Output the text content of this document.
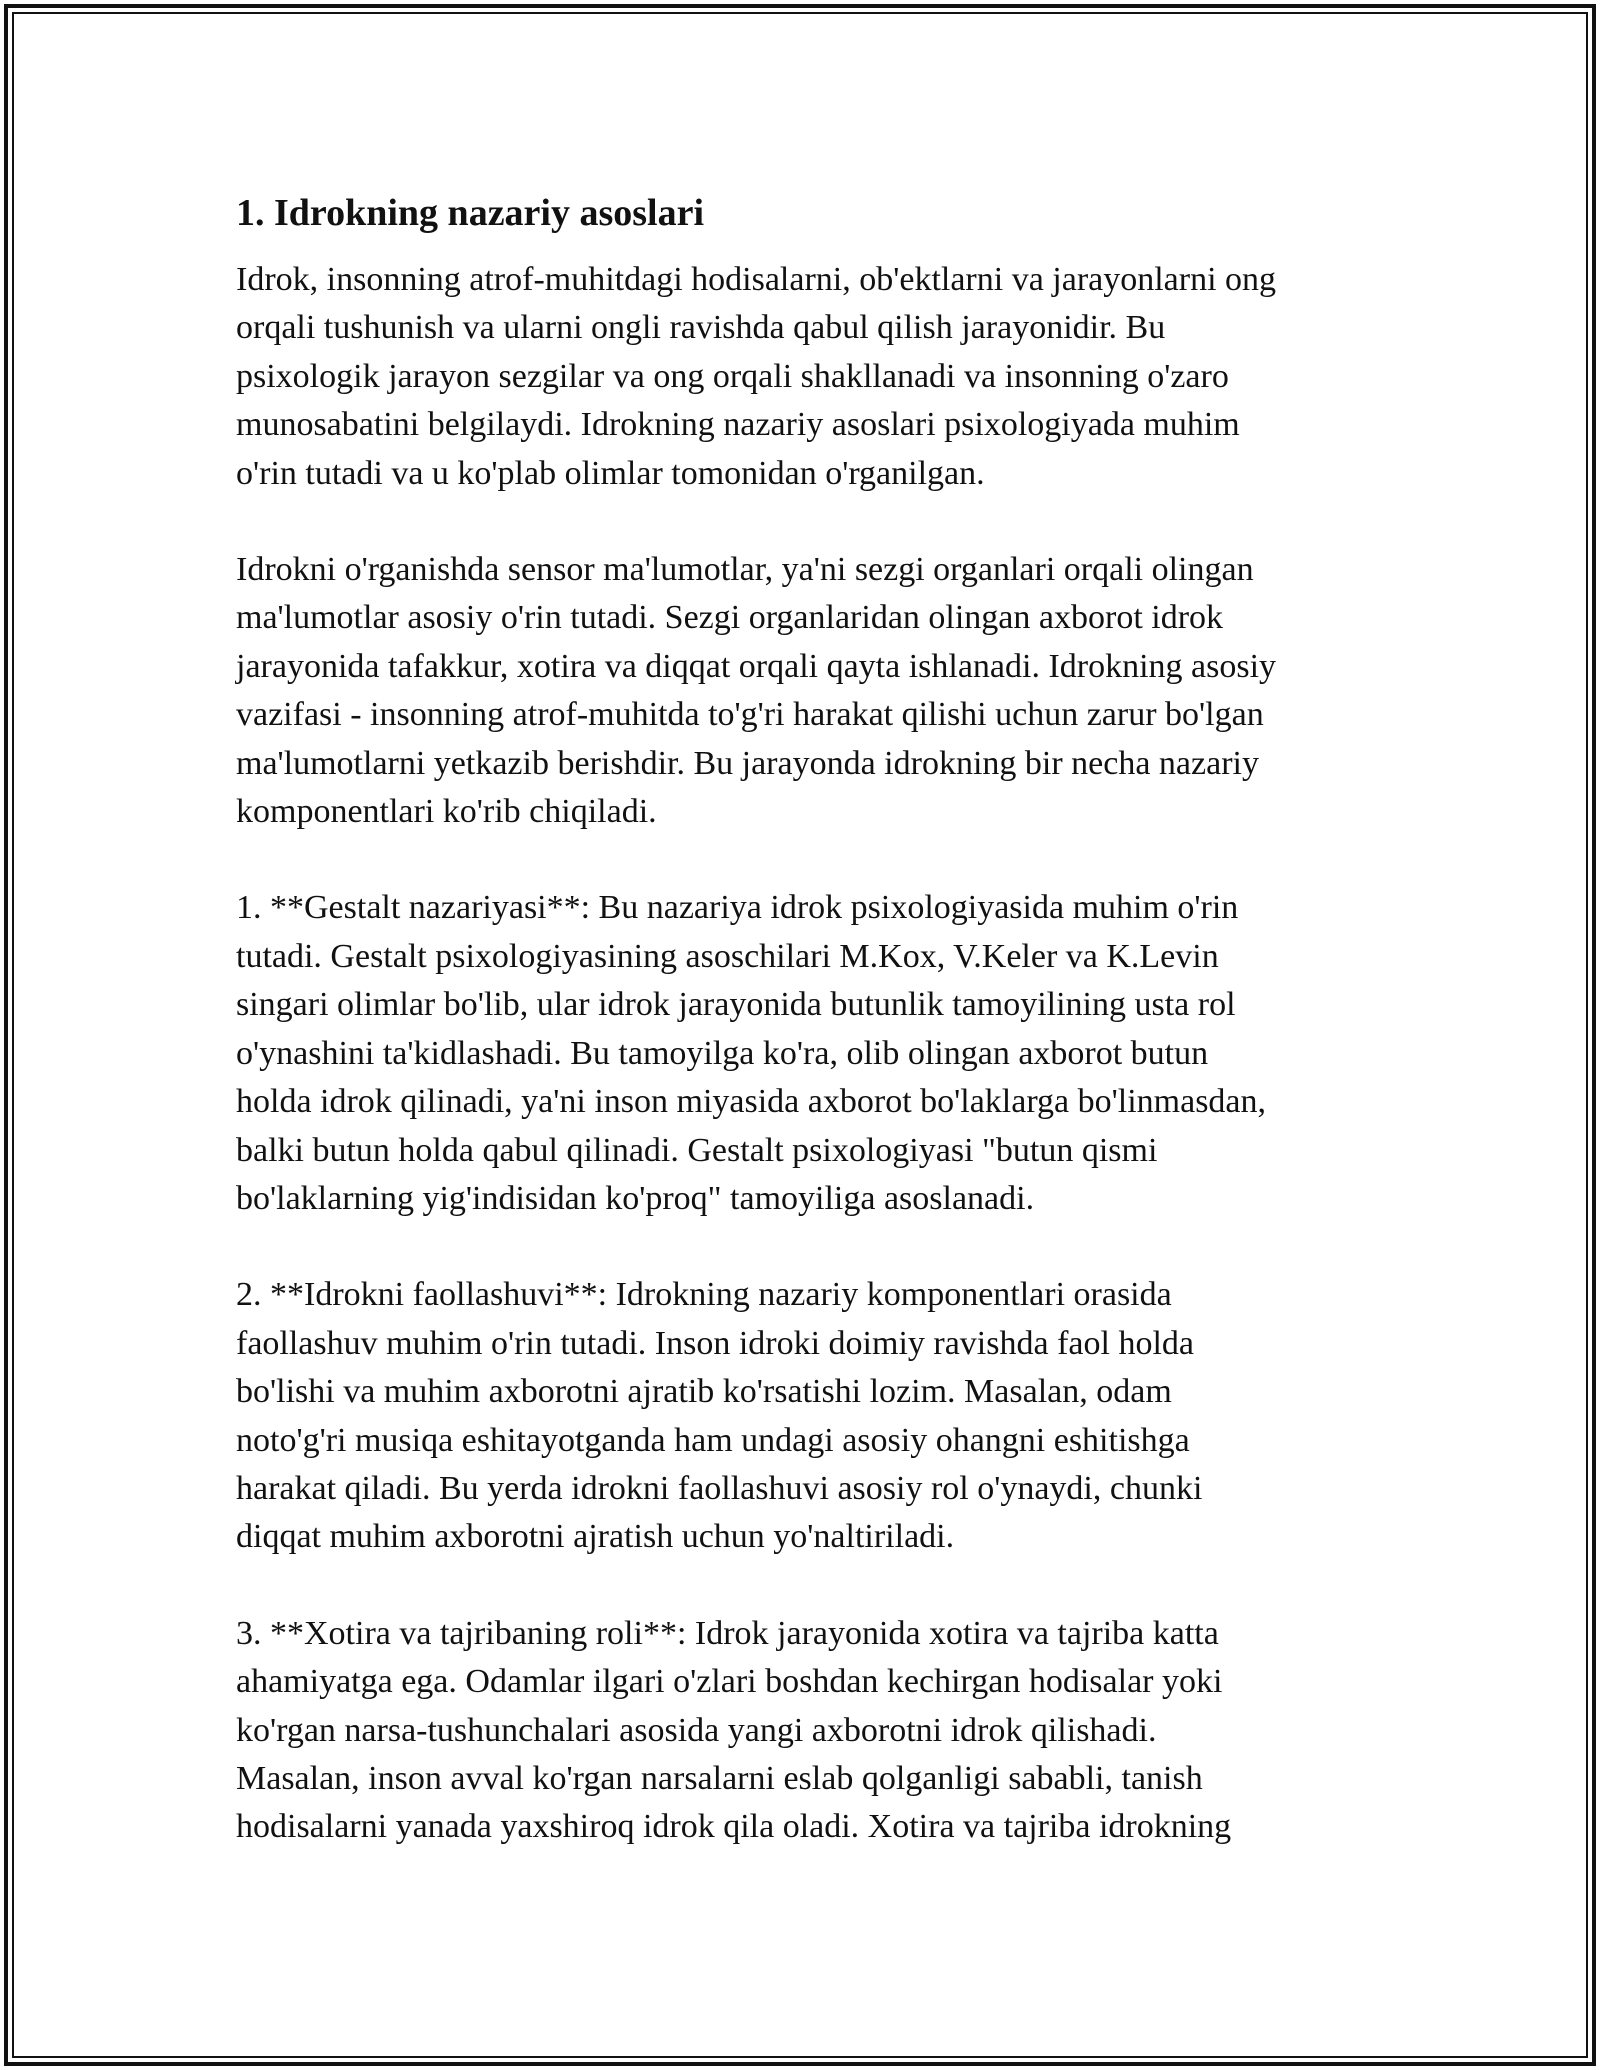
1. Idrokning nazariy asoslari

Idrok, insonning atrof-muhitdagi hodisalarni, ob'ektlarni va jarayonlarni ong
orqali tushunish va ularni ongli ravishda qabul qilish jarayonidir. Bu
psixologik jarayon sezgilar va ong orqali shakllanadi va insonning o'zaro
munosabatini belgilaydi. Idrokning nazariy asoslari psixologiyada muhim
o'rin tutadi va u ko'plab olimlar tomonidan o'rganilgan.

Idrokni o'rganishda sensor ma'lumotlar, ya'ni sezgi organlari orqali olingan
ma'lumotlar asosiy o'rin tutadi. Sezgi organlaridan olingan axborot idrok
jarayonida tafakkur, xotira va diqqat orqali qayta ishlanadi. Idrokning asosiy
vazifasi - insonning atrof-muhitda to'g'ri harakat qilishi uchun zarur bo'lgan
ma'lumotlarni yetkazib berishdir. Bu jarayonda idrokning bir necha nazariy
komponentlari ko'rib chiqiladi.

1. **Gestalt nazariyasi**: Bu nazariya idrok psixologiyasida muhim o'rin
tutadi. Gestalt psixologiyasining asoschilari M.Kox, V.Keler va K.Levin
singari olimlar bo'lib, ular idrok jarayonida butunlik tamoyilining usta rol
o'ynashini ta'kidlashadi. Bu tamoyilga ko'ra, olib olingan axborot butun
holda idrok qilinadi, ya'ni inson miyasida axborot bo'laklarga bo'linmasdan,
balki butun holda qabul qilinadi. Gestalt psixologiyasi "butun qismi
bo'laklarning yig'indisidan ko'proq" tamoyiliga asoslanadi.

2. **Idrokni faollashuvi**: Idrokning nazariy komponentlari orasida
faollashuv muhim o'rin tutadi. Inson idroki doimiy ravishda faol holda
bo'lishi va muhim axborotni ajratib ko'rsatishi lozim. Masalan, odam
noto'g'ri musiqa eshitayotganda ham undagi asosiy ohangni eshitishga
harakat qiladi. Bu yerda idrokni faollashuvi asosiy rol o'ynaydi, chunki
diqqat muhim axborotni ajratish uchun yo'naltiriladi.

3. **Xotira va tajribaning roli**: Idrok jarayonida xotira va tajriba katta
ahamiyatga ega. Odamlar ilgari o'zlari boshdan kechirgan hodisalar yoki
ko'rgan narsa-tushunchalari asosida yangi axborotni idrok qilishadi.
Masalan, inson avval ko'rgan narsalarni eslab qolganligi sababli, tanish
hodisalarni yanada yaxshiroq idrok qila oladi. Xotira va tajriba idrokning
